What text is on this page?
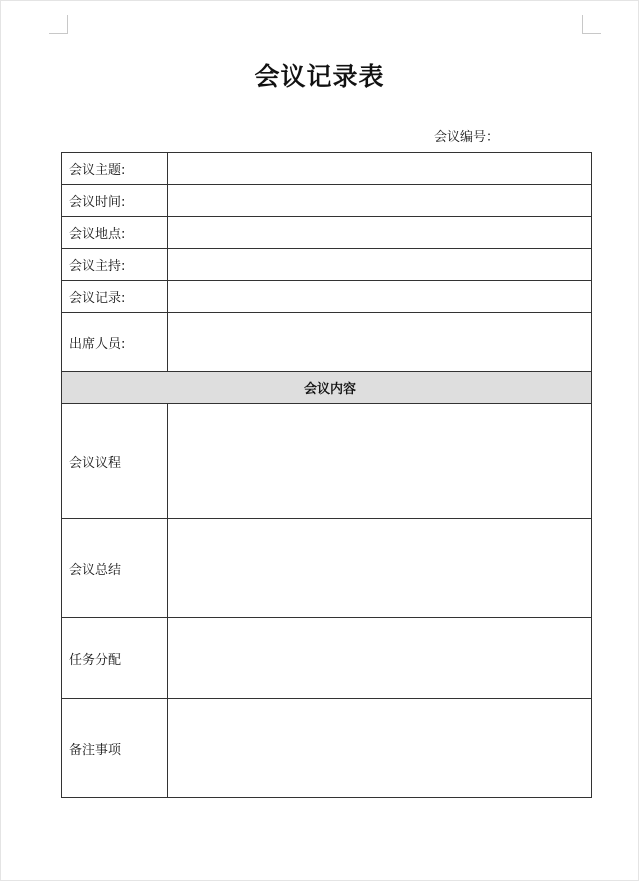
会议记录表
会议编号：
会议主题:	
会议时间:	
会议地点:	
会议主持:	
会议记录:	
出席人员:	
会议内容	
会议议程	
会议总结	
任务分配	
备注事项	
